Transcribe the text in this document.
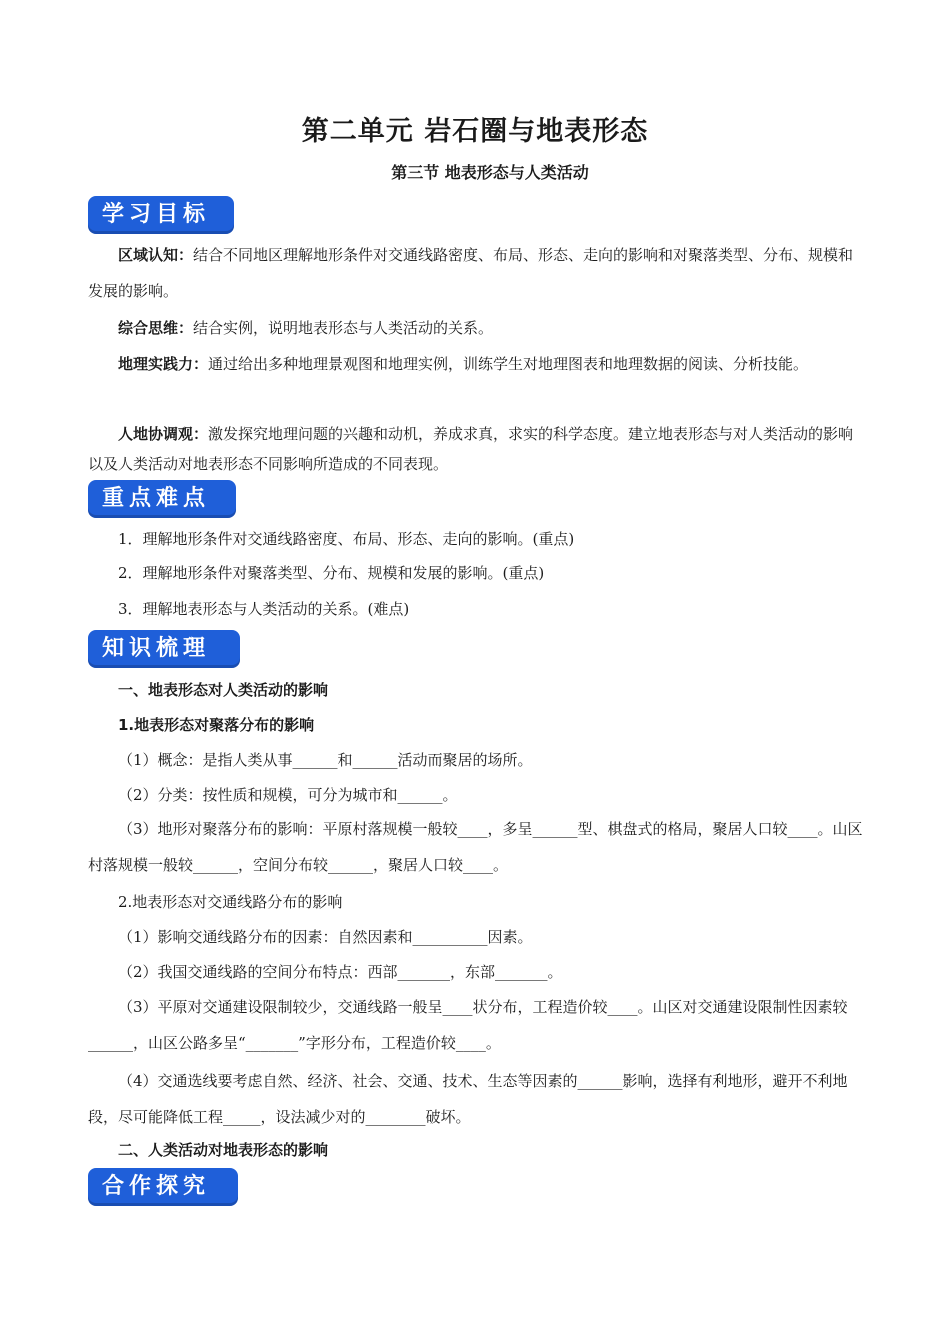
第二单元 岩石圈与地表形态
第三节 地表形态与人类活动
学习目标
区域认知：结合不同地区理解地形条件对交通线路密度、布局、形态、走向的影响和对聚落类型、分布、规模和发展的影响。
综合思维：结合实例，说明地表形态与人类活动的关系。
地理实践力：通过给出多种地理景观图和地理实例，训练学生对地理图表和地理数据的阅读、分析技能。
人地协调观：激发探究地理问题的兴趣和动机，养成求真，求实的科学态度。建立地表形态与对人类活动的影响以及人类活动对地表形态不同影响所造成的不同表现。
重点难点
1．理解地形条件对交通线路密度、布局、形态、走向的影响。(重点)
2．理解地形条件对聚落类型、分布、规模和发展的影响。(重点)
3．理解地表形态与人类活动的关系。(难点)
知识梳理
一、地表形态对人类活动的影响
1.地表形态对聚落分布的影响
（1）概念：是指人类从事______和______活动而聚居的场所。
（2）分类：按性质和规模，可分为城市和______。
（3）地形对聚落分布的影响：平原村落规模一般较____，多呈______型、棋盘式的格局，聚居人口较____。山区村落规模一般较______，空间分布较______，聚居人口较____。
2.地表形态对交通线路分布的影响
（1）影响交通线路分布的因素：自然因素和__________因素。
（2）我国交通线路的空间分布特点：西部_______，东部_______。
（3）平原对交通建设限制较少，交通线路一般呈____状分布，工程造价较____。山区对交通建设限制性因素较______，山区公路多呈“_______”字形分布，工程造价较____。
（4）交通选线要考虑自然、经济、社会、交通、技术、生态等因素的______影响，选择有利地形，避开不利地段，尽可能降低工程_____，设法减少对的________破坏。
二、人类活动对地表形态的影响
合作探究
